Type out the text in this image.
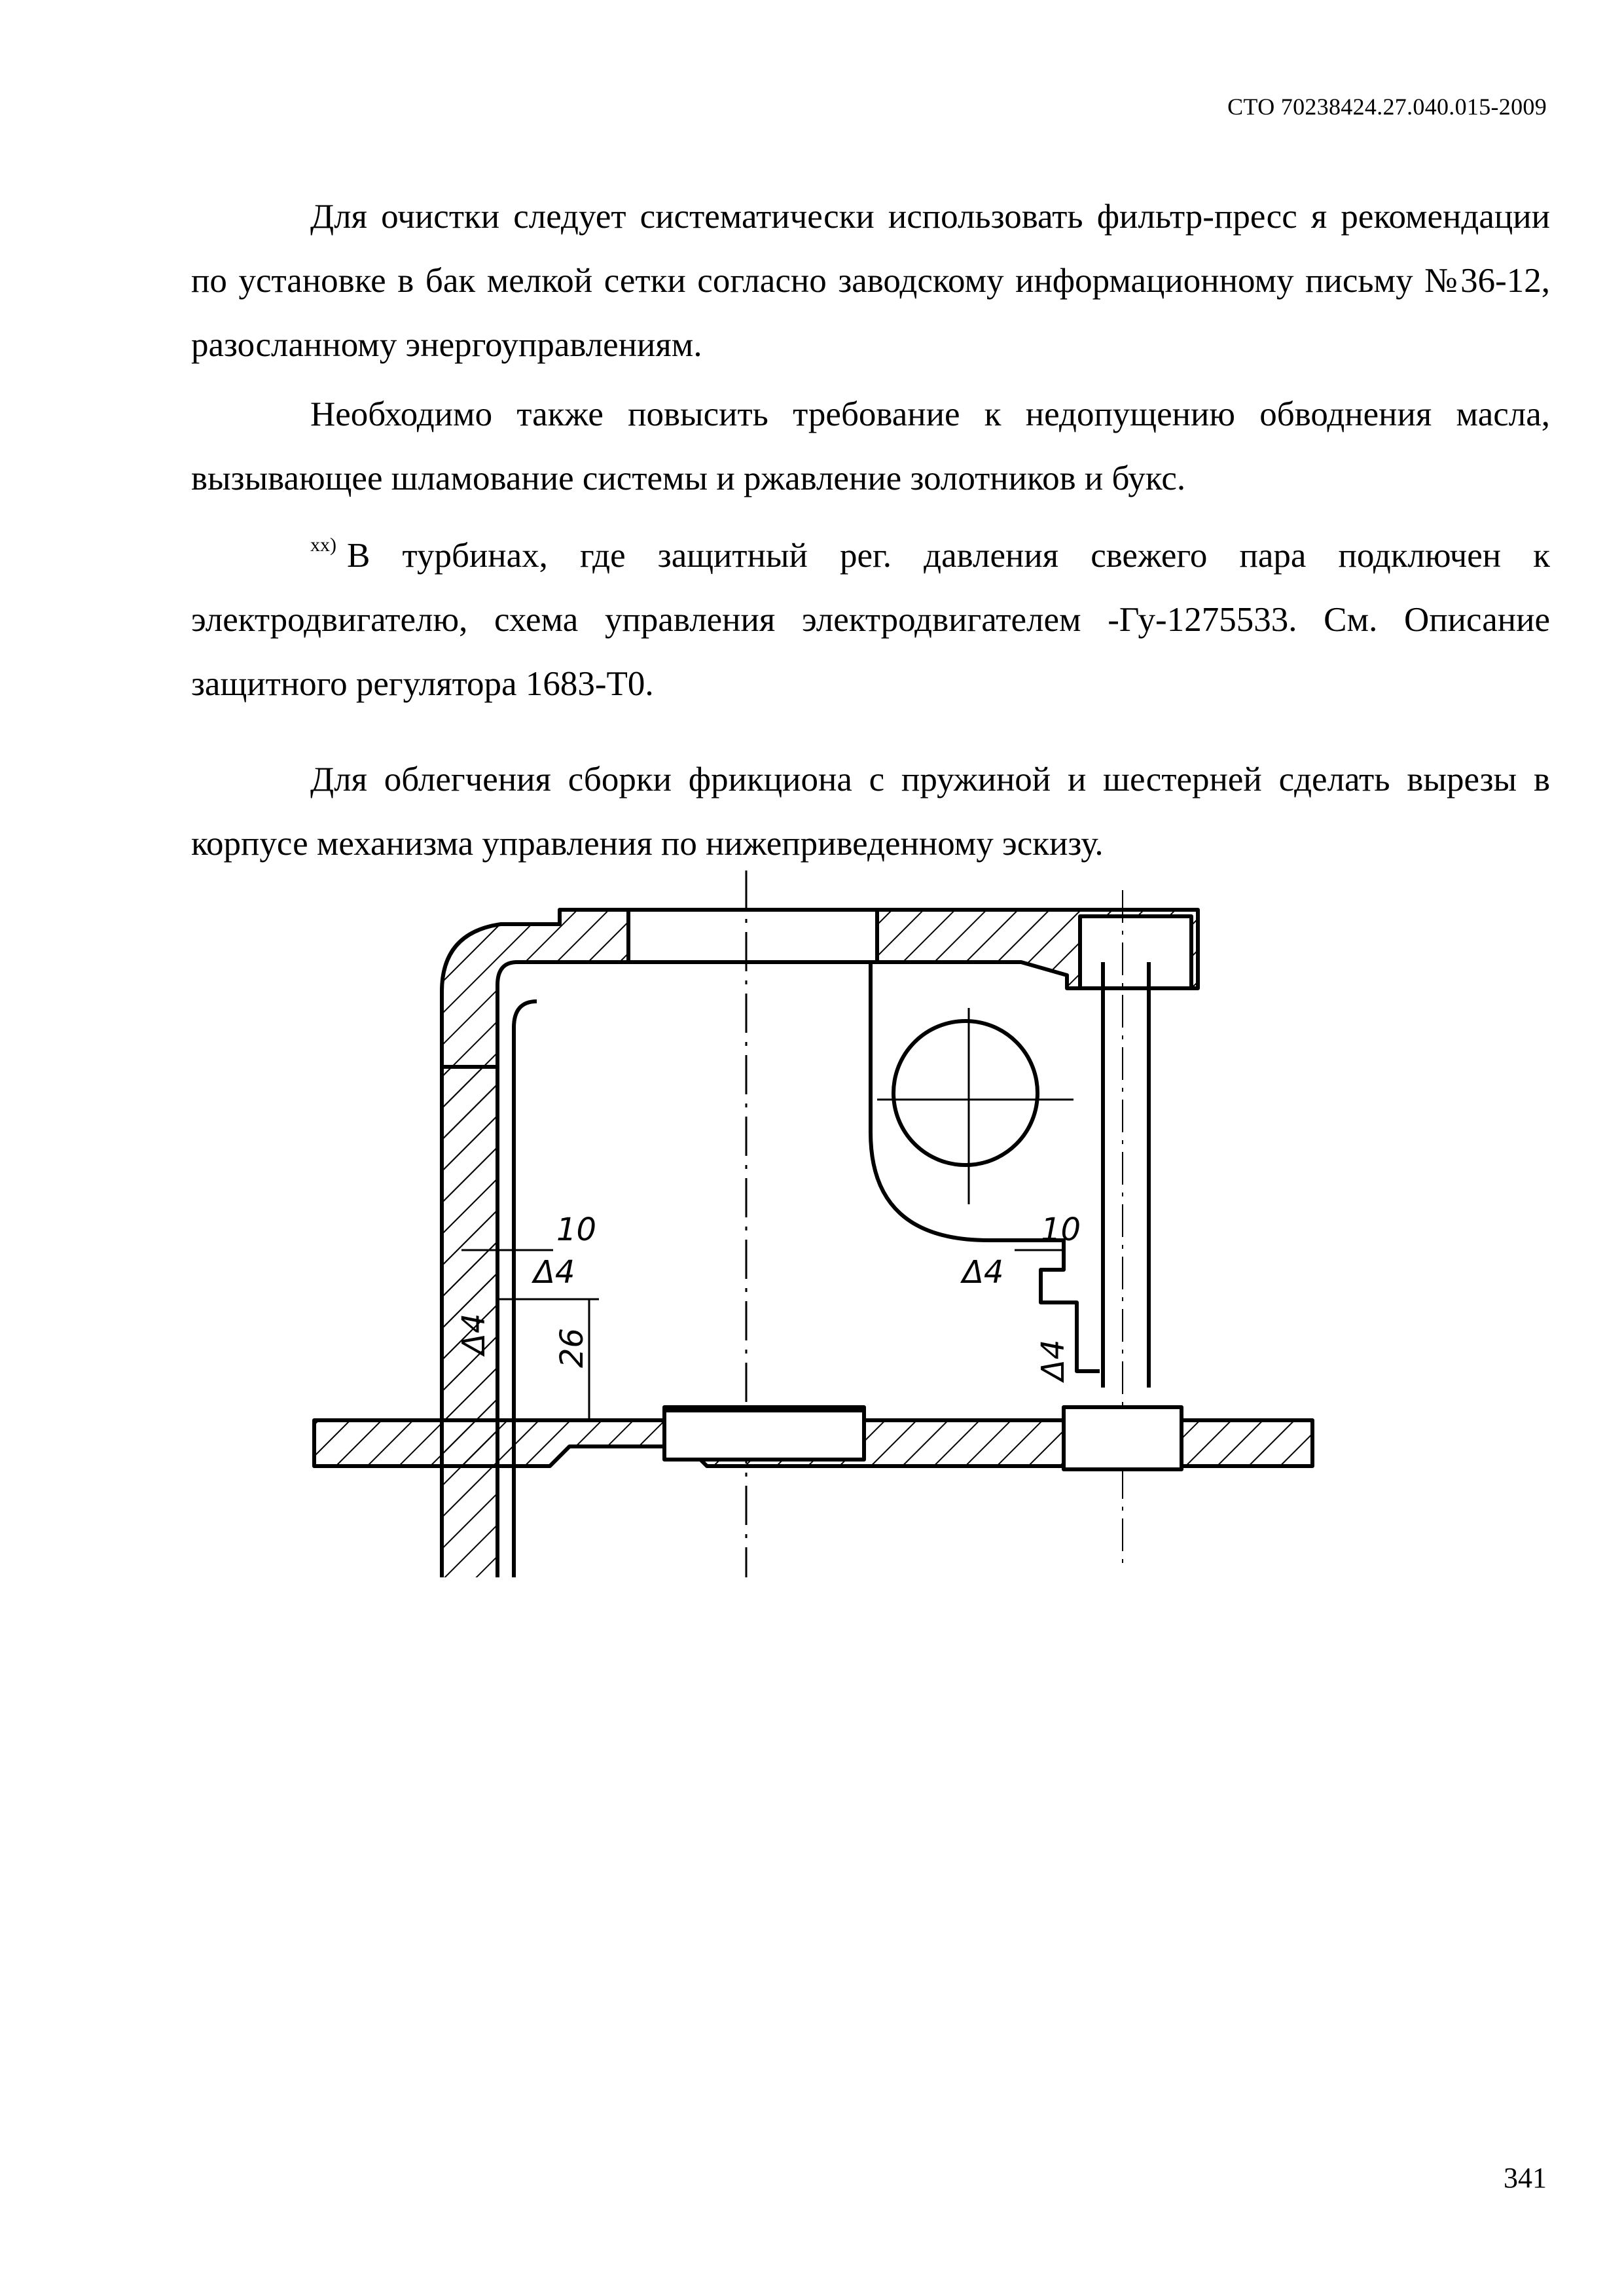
СТО 70238424.27.040.015-2009

Для очистки следует систематически использовать фильтр-пресс я рекомендации по установке в бак мелкой сетки согласно заводскому информационному письму №36-12, разосланному энергоуправлениям.

Необходимо также повысить требование к недопущению обводнения масла, вызывающее шламование системы и ржавление золотников и букс.

$^{xx)}$ В турбинах, где защитный рег. давления свежего пара подключен к электродвигателю, схема управления электродвигателем -Гу-1275533. См. Описание защитного регулятора 1683-Т0.

Для облегчения сборки фрикциона с пружиной и шестерней сделать вырезы в корпусе механизма управления по нижеприведенному эскизу.

10	10
Δ4
Δ4 26
Δ4
Δ4
341
